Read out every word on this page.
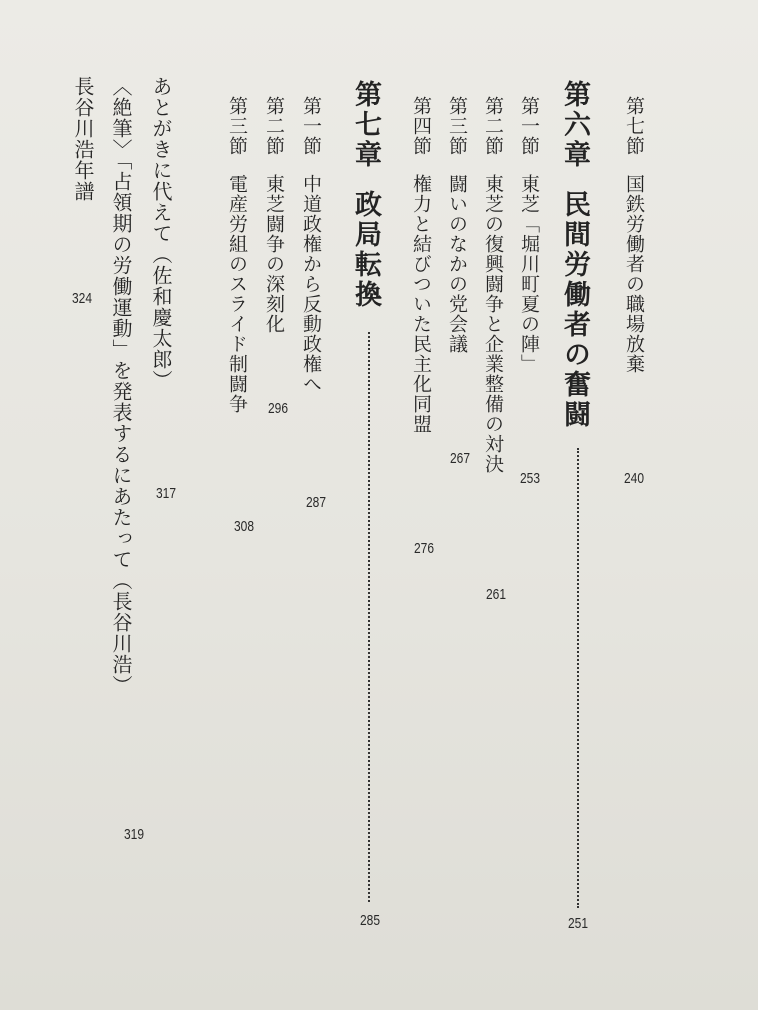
第七節国鉄労働者の職場放棄
240
第六章民間労働者の奮闘
251
第一節東芝「堀川町夏の陣」
253
第二節東芝の復興闘争と企業整備の対決
261
第三節闘いのなかの党会議
267
第四節権力と結びついた民主化同盟
276
第七章政局転換
285
第一節中道政権から反動政権へ
287
第二節東芝闘争の深刻化
296
第三節電産労組のスライド制闘争
308
あとがきに代えて（佐和慶太郎）
317
〈絶筆〉「占領期の労働運動」を発表するにあたって（長谷川浩）
319
長谷川浩年譜
324
